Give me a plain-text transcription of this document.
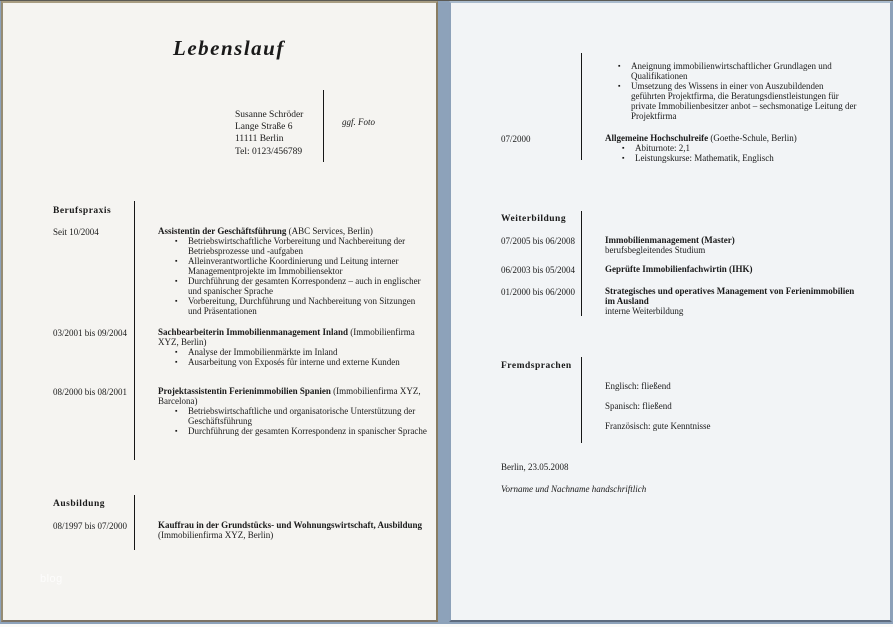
Lebenslauf
Susanne Schröder
Lange Straße 6
11111 Berlin
Tel: 0123/456789
ggf. Foto
Berufspraxis
Seit 10/2004	Assistentin der Geschäftsführung (ABC Services, Berlin)
▪	Betriebswirtschaftliche Vorbereitung und Nachbereitung der Betriebsprozesse und -aufgaben
▪	Alleinverantwortliche Koordinierung und Leitung interner Managementprojekte im Immobiliensektor
▪	Durchführung der gesamten Korrespondenz – auch in englischer und spanischer Sprache
▪	Vorbereitung, Durchführung und Nachbereitung von Sitzungen und Präsentationen
03/2001 bis 09/2004	Sachbearbeiterin Immobilienmanagement Inland (Immobilienfirma XYZ, Berlin)
▪	Analyse der Immobilienmärkte im Inland
▪	Ausarbeitung von Exposés für interne und externe Kunden
08/2000 bis 08/2001	Projektassistentin Ferienimmobilien Spanien (Immobilienfirma XYZ, Barcelona)
▪	Betriebswirtschaftliche und organisatorische Unterstützung der Geschäftsführung
▪	Durchführung der gesamten Korrespondenz in spanischer Sprache
Ausbildung
08/1997 bis 07/2000	Kauffrau in der Grundstücks- und Wohnungswirtschaft, Ausbildung (Immobilienfirma XYZ, Berlin)
blog
▪	Aneignung immobilienwirtschaftlicher Grundlagen und Qualifikationen
▪	Umsetzung des Wissens in einer von Auszubildenden geführten Projektfirma, die Beratungsdienstleistungen für private Immobilienbesitzer anbot – sechsmonatige Leitung der Projektfirma
07/2000	Allgemeine Hochschulreife (Goethe-Schule, Berlin)
▪	Abiturnote: 2,1
▪	Leistungskurse: Mathematik, Englisch
Weiterbildung
07/2005 bis 06/2008	Immobilienmanagement (Master)
berufsbegleitendes Studium
06/2003 bis 05/2004	Geprüfte Immobilienfachwirtin (IHK)
01/2000 bis 06/2000	Strategisches und operatives Management von Ferienimmobilien im Ausland
interne Weiterbildung
Fremdsprachen
Englisch: fließend
Spanisch: fließend
Französisch: gute Kenntnisse
Berlin, 23.05.2008
Vorname und Nachname handschriftlich
